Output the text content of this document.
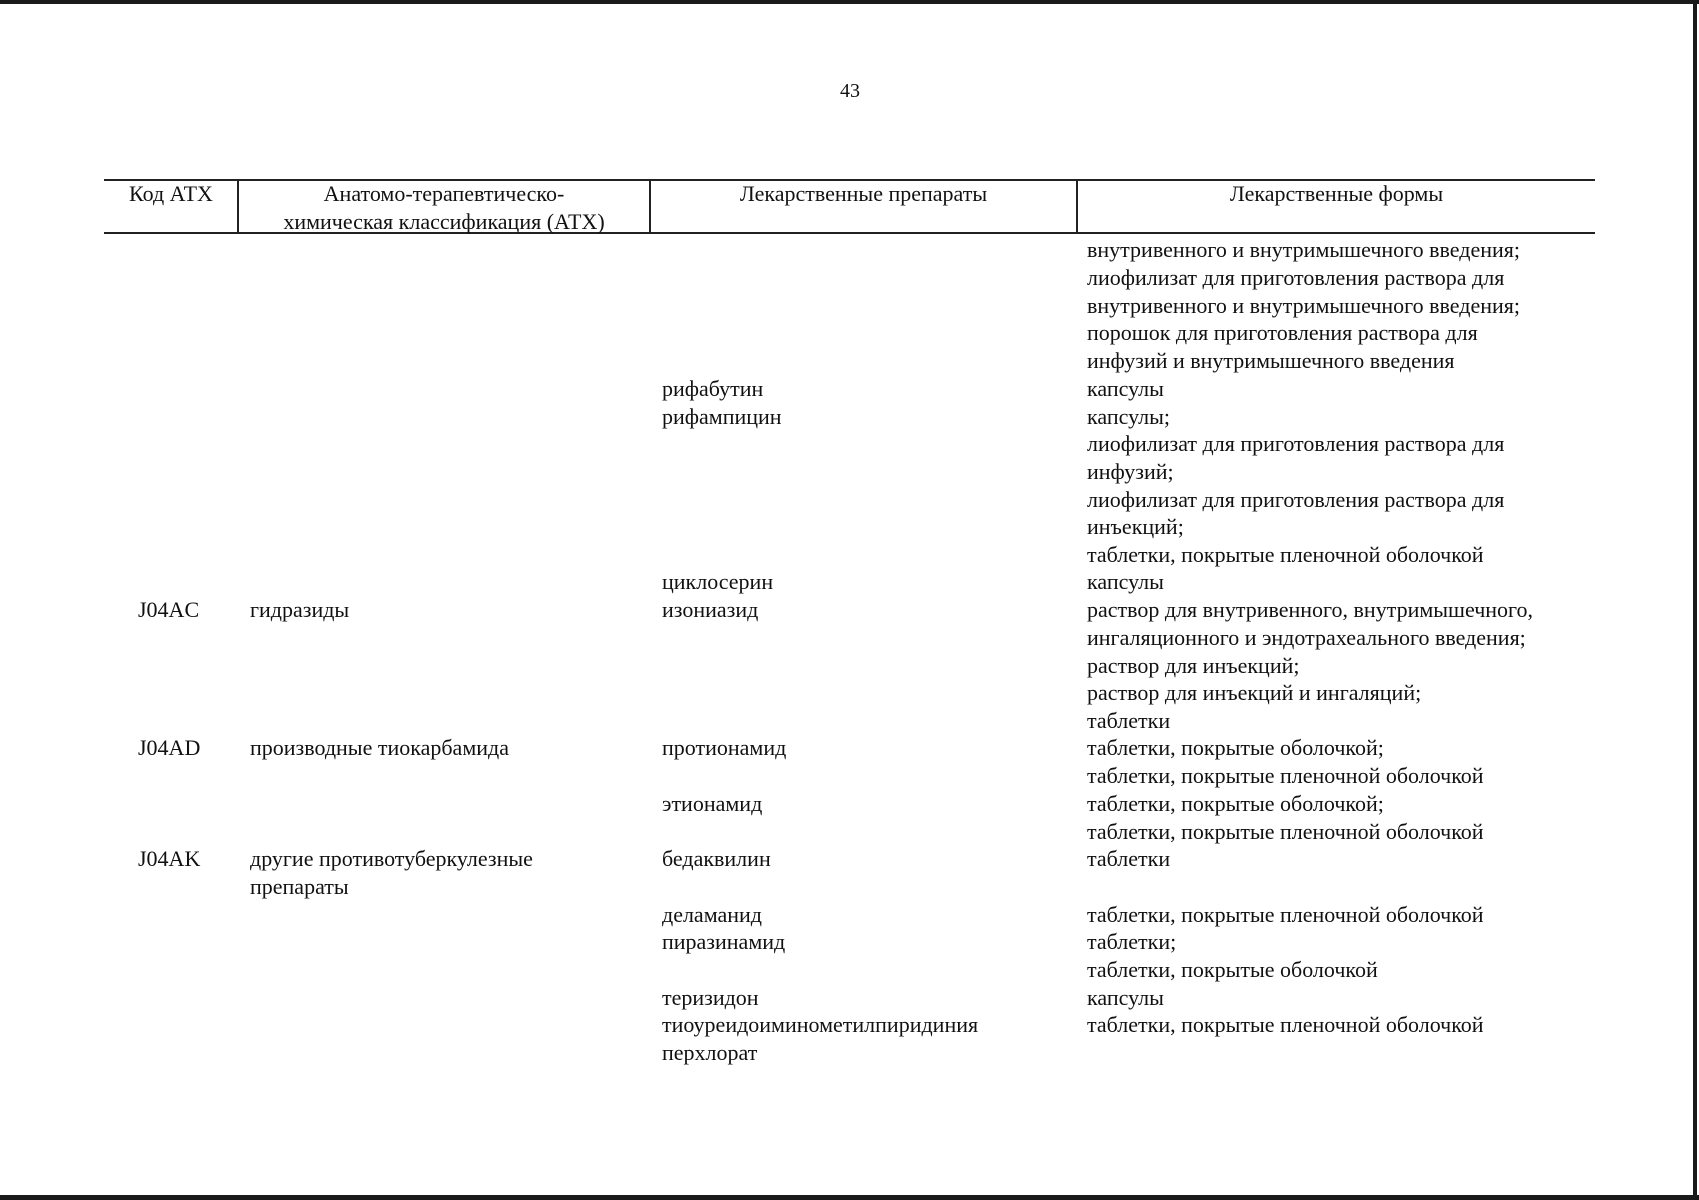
43
Код АТХ	Анатомо-терапевтическо-
химическая классификация (АТХ)
Лекарственные препараты	Лекарственные формы
J04AC
J04AD
J04AK
гидразиды
производные тиокарбамида
другие противотуберкулезные
препараты
рифабутин
рифампицин
циклосерин
изониазид
протионамид
этионамид
бедаквилин
деламанид
пиразинамид
теризидон
тиоуреидоиминометилпиридиния
перхлорат
внутривенного и внутримышечного введения;
лиофилизат для приготовления раствора для
внутривенного и внутримышечного введения;
порошок для приготовления раствора для
инфузий и внутримышечного введения
капсулы
капсулы;
лиофилизат для приготовления раствора для
инфузий;
лиофилизат для приготовления раствора для
инъекций;
таблетки, покрытые пленочной оболочкой
капсулы
раствор для внутривенного, внутримышечного,
ингаляционного и эндотрахеального введения;
раствор для инъекций;
раствор для инъекций и ингаляций;
таблетки
таблетки, покрытые оболочкой;
таблетки, покрытые пленочной оболочкой
таблетки, покрытые оболочкой;
таблетки, покрытые пленочной оболочкой
таблетки
таблетки, покрытые пленочной оболочкой
таблетки;
таблетки, покрытые оболочкой
капсулы
таблетки, покрытые пленочной оболочкой
